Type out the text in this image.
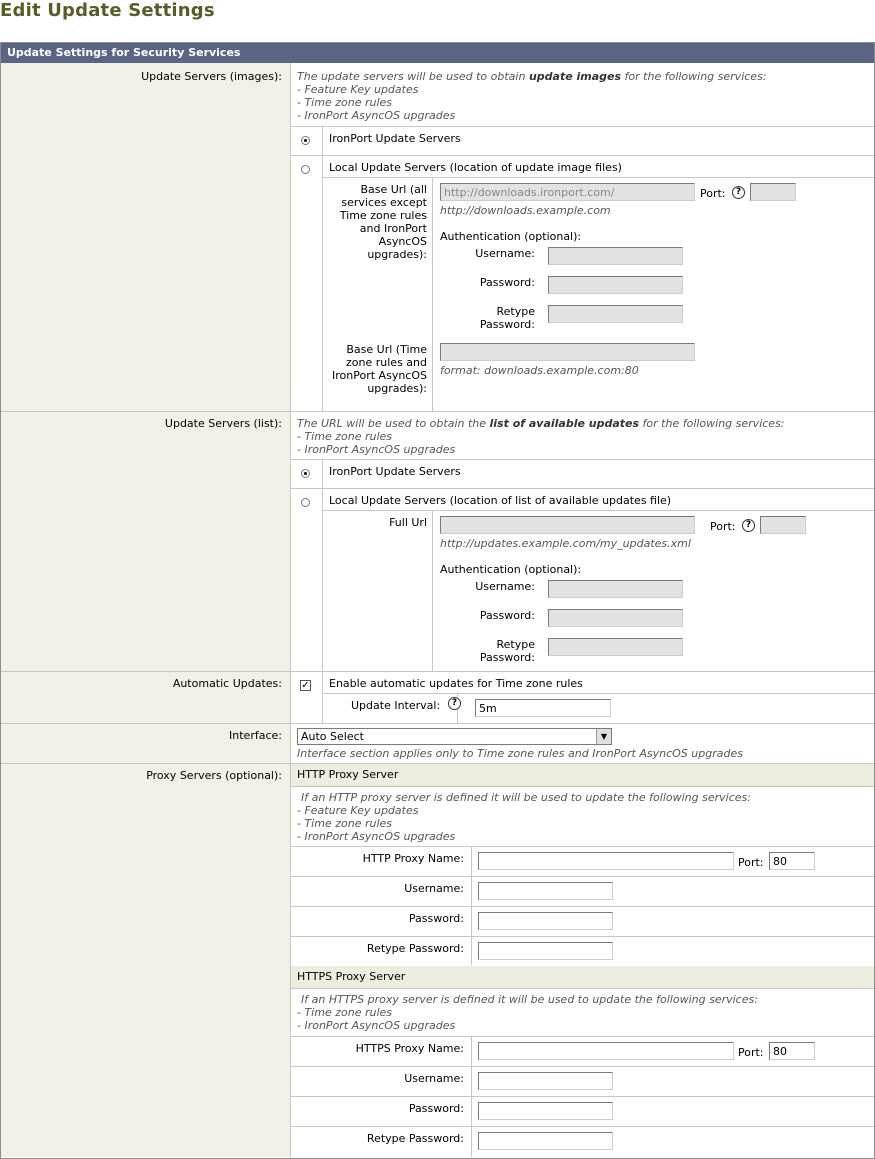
Edit Update Settings
Update Settings for Security Services
Update Servers (images): The update servers will be used to obtain update images for the following services:
- Feature Key updates
- Time zone rules
- IronPort AsyncOS upgrades
IronPort Update Servers
Local Update Servers (location of update image files)
Base Url (all services except Time zone rules and IronPort AsyncOS upgrades):
http://downloads.ironport.com/
Port:	?
http://downloads.example.com
Authentication (optional):
Username:
Password:
Retype Password:
Base Url (Time zone rules and IronPort AsyncOS upgrades):
format: downloads.example.com:80
Update Servers (list): The URL will be used to obtain the list of available updates for the following services:
- Time zone rules
- IronPort AsyncOS upgrades
IronPort Update Servers
Local Update Servers (location of list of available updates file)
Full Url	Port:	?
http://updates.example.com/my_updates.xml
Authentication (optional):
Username:
Password:
Retype Password:
Automatic Updates: ✓ Enable automatic updates for Time zone rules
Update Interval:	?
5m
Interface:	Auto Select	▼
Interface section applies only to Time zone rules and IronPort AsyncOS upgrades
Proxy Servers (optional):	HTTP Proxy Server
If an HTTP proxy server is defined it will be used to update the following services:
- Feature Key updates
- Time zone rules
- IronPort AsyncOS upgrades
HTTP Proxy Name:	Port:
80
Username:
Password:
Retype Password:
HTTPS Proxy Server
If an HTTPS proxy server is defined it will be used to update the following services:
- Time zone rules
- IronPort AsyncOS upgrades
HTTPS Proxy Name:	Port:
80
Username:
Password:
Retype Password:
